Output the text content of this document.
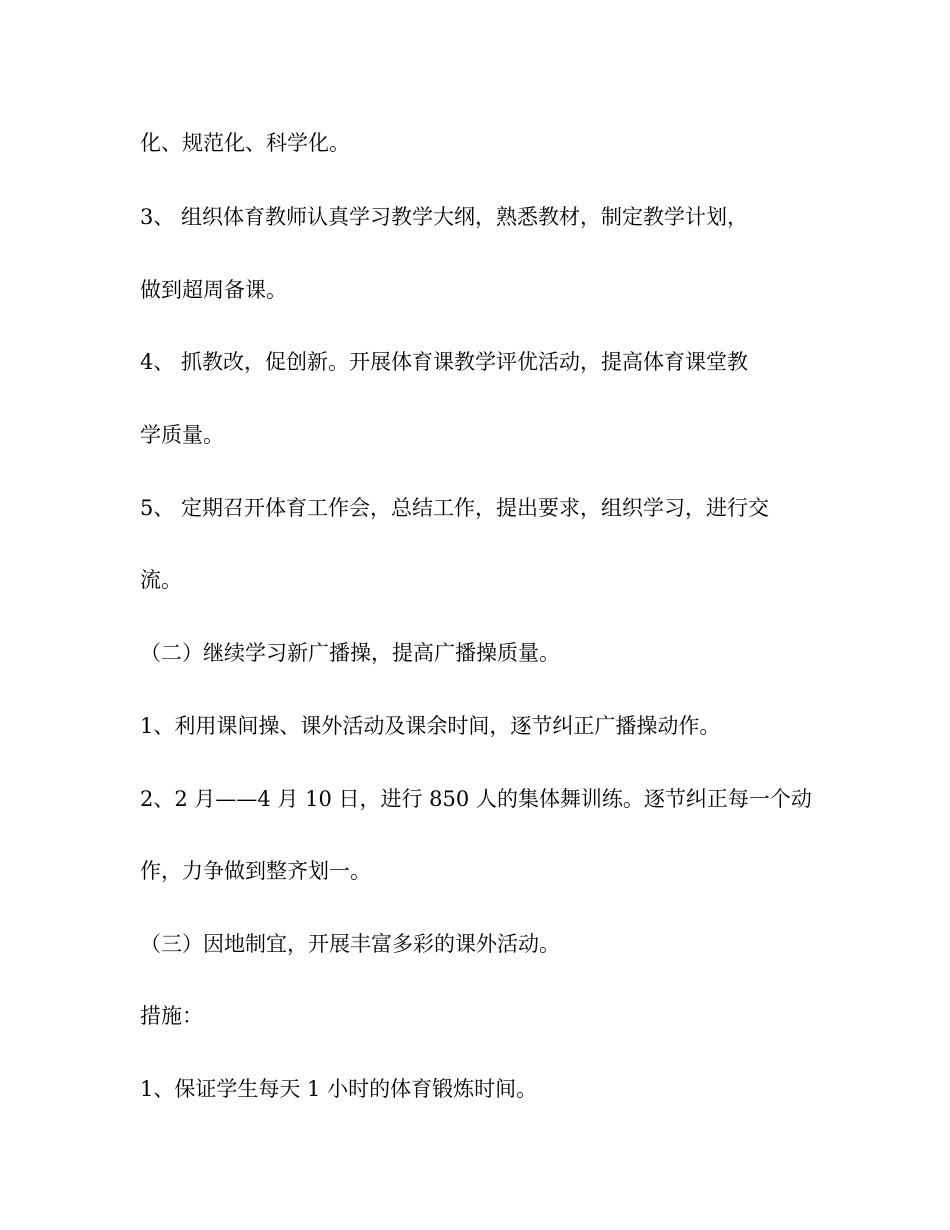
化、规范化、科学化。
3、 组织体育教师认真学习教学大纲，熟悉教材，制定教学计划，
做到超周备课。
4、 抓教改，促创新。开展体育课教学评优活动，提高体育课堂教
学质量。
5、 定期召开体育工作会，总结工作，提出要求，组织学习，进行交
流。
（二）继续学习新广播操，提高广播操质量。
1、利用课间操、课外活动及课余时间，逐节纠正广播操动作。
2、2 月——4 月 10 日，进行 850 人的集体舞训练。逐节纠正每一个动
作，力争做到整齐划一。
（三）因地制宜，开展丰富多彩的课外活动。
措施：
1、保证学生每天 1 小时的体育锻炼时间。
